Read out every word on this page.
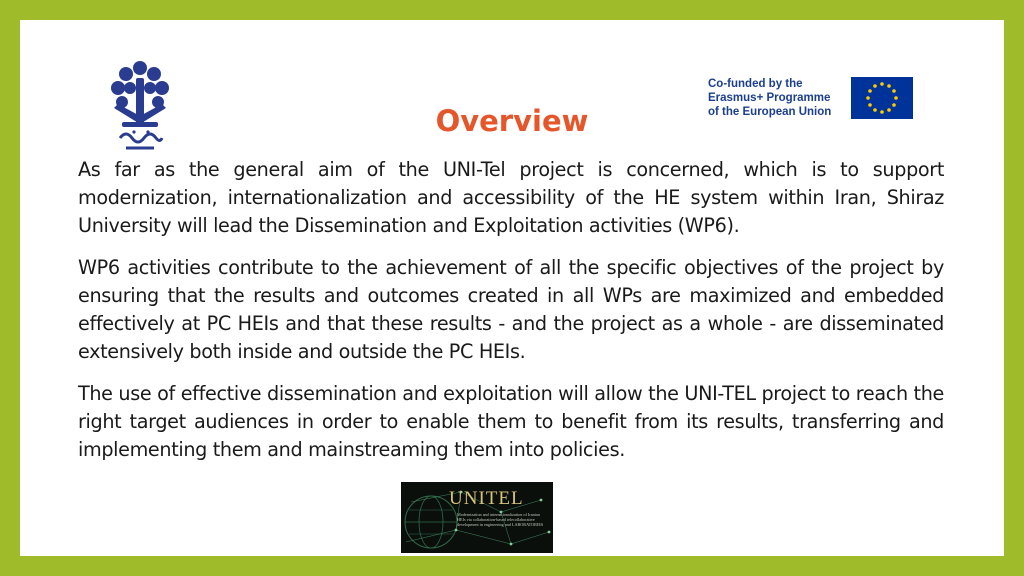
Co-funded by the
Erasmus+ Programme
of the European Union
Overview

As far as the general aim of the UNI-Tel project is concerned, which is to support modernization, internationalization and accessibility of the HE system within Iran, Shiraz University will lead the Dissemination and Exploitation activities (WP6).

WP6 activities contribute to the achievement of all the specific objectives of the project by ensuring that the results and outcomes created in all WPs are maximized and embedded effectively at PC HEIs and that these results - and the project as a whole - are disseminated extensively both inside and outside the PC HEIs.

The use of effective dissemination and exploitation will allow the UNI-TEL project to reach the right target audiences in order to enable them to benefit from its results, transferring and implementing them and mainstreaming them into policies.

UNITEL
Modernization and internationalization of Iranian HEIs via collaboration-based telecollaborative development in engineering and LABORATORIES
